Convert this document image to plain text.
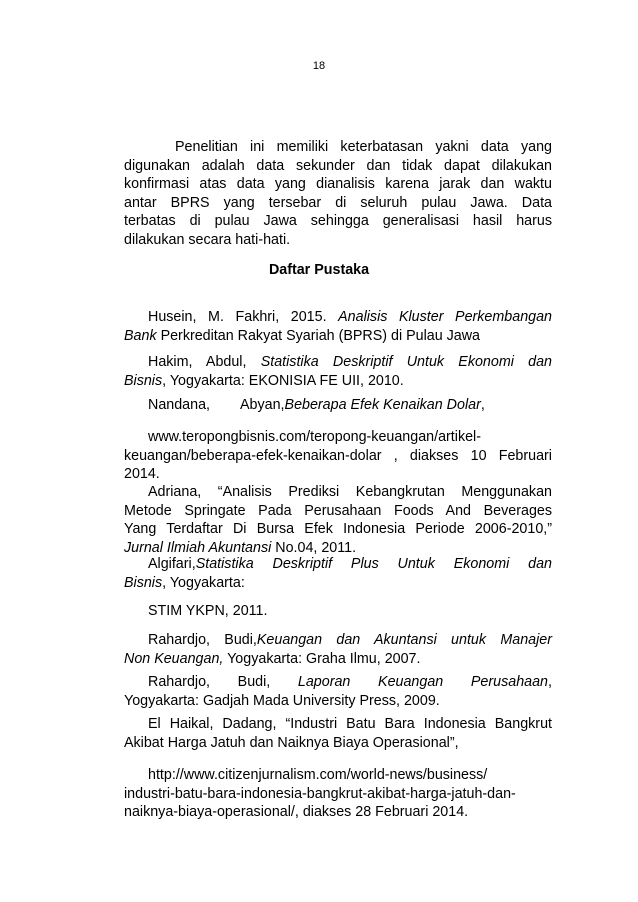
18
Penelitian ini memiliki keterbatasan yakni data yang
digunakan adalah data sekunder dan tidak dapat dilakukan
konfirmasi atas data yang dianalisis karena jarak dan waktu
antar BPRS yang tersebar di seluruh pulau Jawa. Data
terbatas di pulau Jawa sehingga generalisasi hasil harus
dilakukan secara hati-hati.
Daftar Pustaka
Husein, M. Fakhri, 2015. Analisis Kluster Perkembangan
Bank Perkreditan Rakyat Syariah (BPRS) di Pulau Jawa
Hakim, Abdul, Statistika Deskriptif Untuk Ekonomi dan
Bisnis, Yogyakarta: EKONISIA FE UII, 2010.
Nandana, Abyan,Beberapa Efek Kenaikan Dolar,
www.teropongbisnis.com/teropong-keuangan/artikel-
keuangan/beberapa-efek-kenaikan-dolar , diakses 10 Februari
2014.
Adriana, “Analisis Prediksi Kebangkrutan Menggunakan
Metode Springate Pada Perusahaan Foods And Beverages
Yang Terdaftar Di Bursa Efek Indonesia Periode 2006-2010,”
Jurnal Ilmiah Akuntansi No.04, 2011.
Algifari,Statistika Deskriptif Plus Untuk Ekonomi dan
Bisnis, Yogyakarta:
STIM YKPN, 2011.
Rahardjo, Budi,Keuangan dan Akuntansi untuk Manajer
Non Keuangan, Yogyakarta: Graha Ilmu, 2007.
Rahardjo, Budi, Laporan Keuangan Perusahaan,
Yogyakarta: Gadjah Mada University Press, 2009.
El Haikal, Dadang, “Industri Batu Bara Indonesia Bangkrut
Akibat Harga Jatuh dan Naiknya Biaya Operasional”,
http://www.citizenjurnalism.com/world-news/business/
industri-batu-bara-indonesia-bangkrut-akibat-harga-jatuh-dan-
naiknya-biaya-operasional/, diakses 28 Februari 2014.
